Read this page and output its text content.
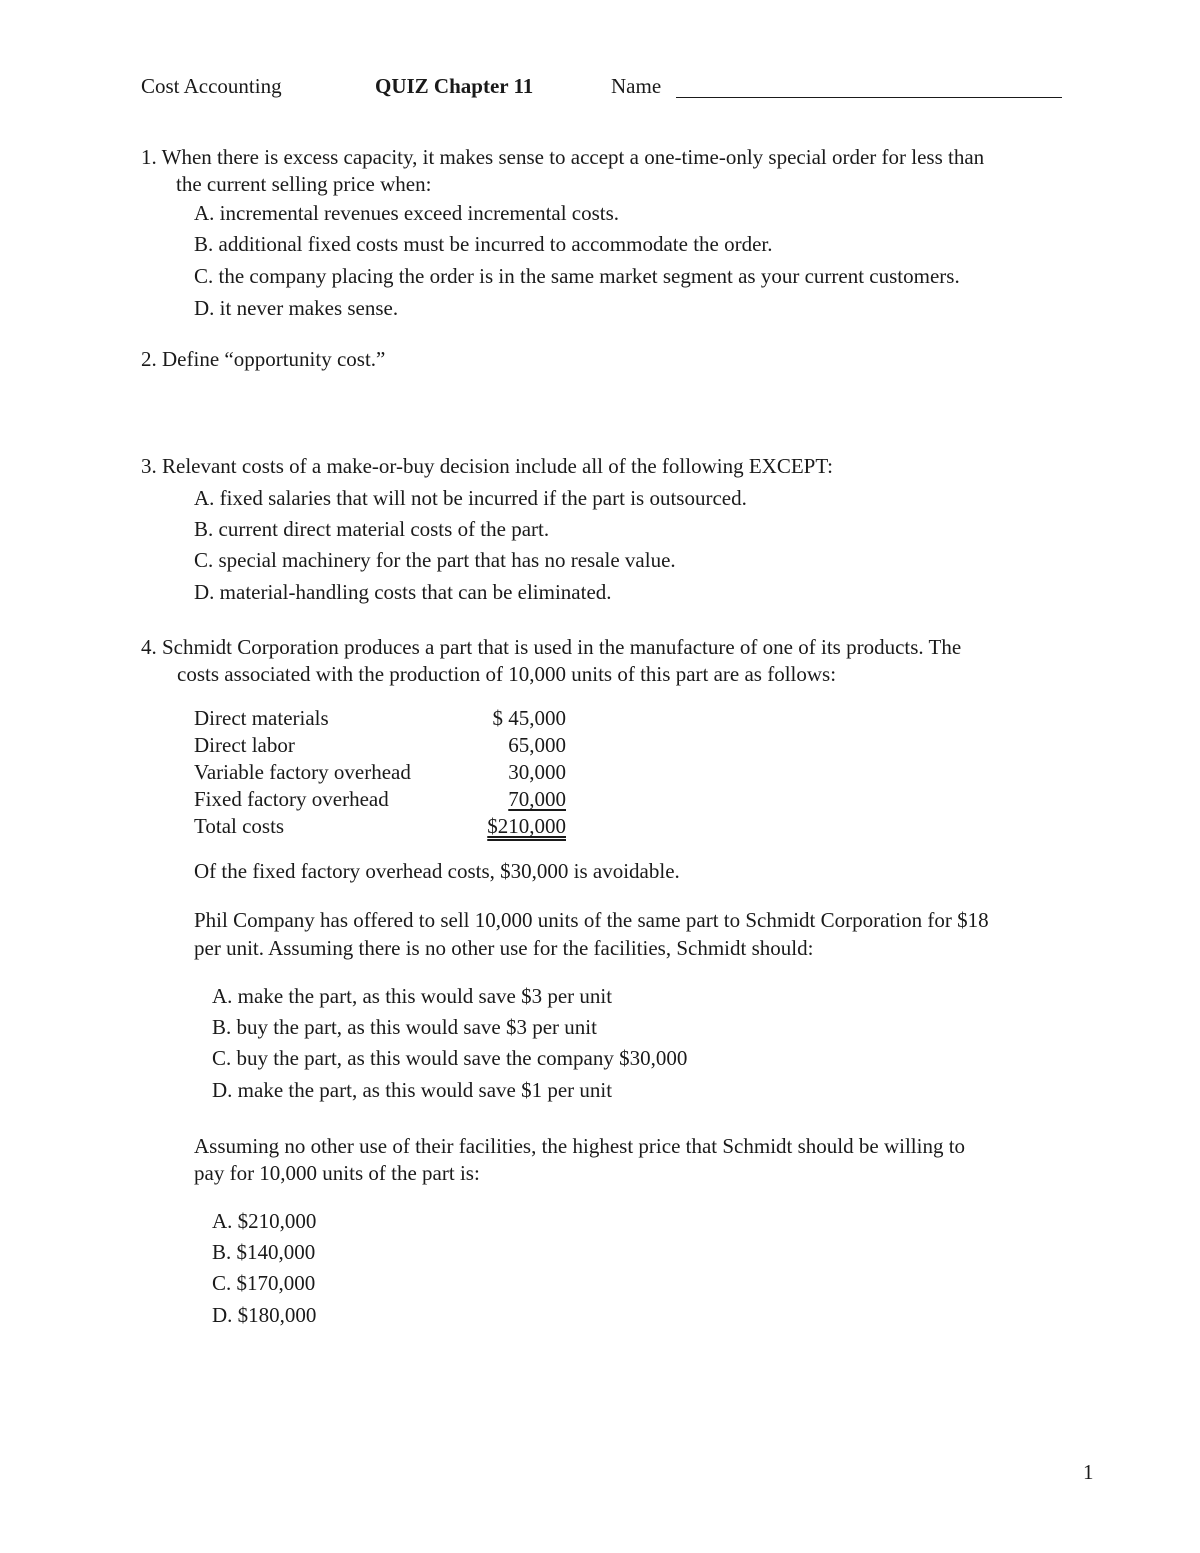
Cost Accounting	QUIZ Chapter 11	Name
1. When there is excess capacity, it makes sense to accept a one-time-only special order for less than
the current selling price when:
A. incremental revenues exceed incremental costs.
B. additional fixed costs must be incurred to accommodate the order.
C. the company placing the order is in the same market segment as your current customers.
D. it never makes sense.
2. Define “opportunity cost.”
3. Relevant costs of a make-or-buy decision include all of the following EXCEPT:
A. fixed salaries that will not be incurred if the part is outsourced.
B. current direct material costs of the part.
C. special machinery for the part that has no resale value.
D. material-handling costs that can be eliminated.
4. Schmidt Corporation produces a part that is used in the manufacture of one of its products. The
costs associated with the production of 10,000 units of this part are as follows:
Direct materials	$ 45,000
Direct labor	65,000
Variable factory overhead	30,000
Fixed factory overhead	70,000
Total costs	$210,000
Of the fixed factory overhead costs, $30,000 is avoidable.
Phil Company has offered to sell 10,000 units of the same part to Schmidt Corporation for $18
per unit. Assuming there is no other use for the facilities, Schmidt should:
A. make the part, as this would save $3 per unit
B. buy the part, as this would save $3 per unit
C. buy the part, as this would save the company $30,000
D. make the part, as this would save $1 per unit
Assuming no other use of their facilities, the highest price that Schmidt should be willing to
pay for 10,000 units of the part is:
A. $210,000
B. $140,000
C. $170,000
D. $180,000
1
